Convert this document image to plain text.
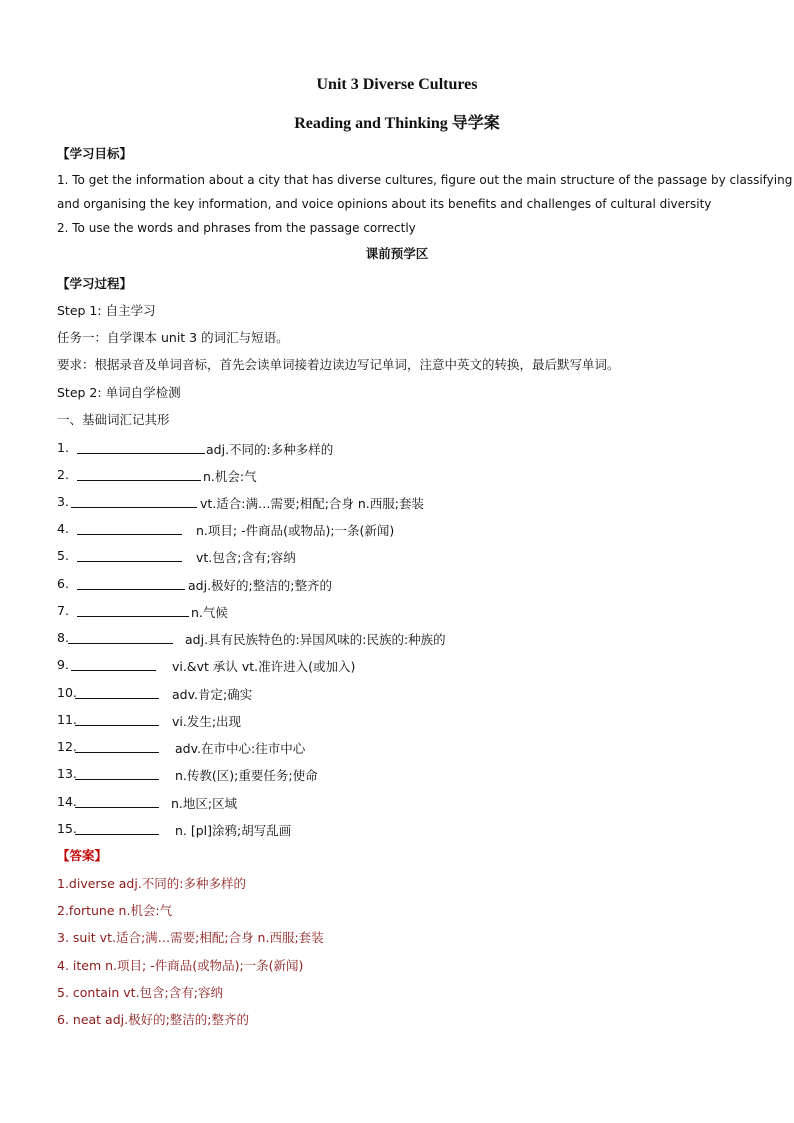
Unit 3 Diverse Cultures
Reading and Thinking 导学案
【学习目标】
1. To get the information about a city that has diverse cultures, figure out the main structure of the passage by classifying
and organising the key information, and voice opinions about its benefits and challenges of cultural diversity
2. To use the words and phrases from the passage correctly
课前预学区
【学习过程】
Step 1: 自主学习
任务一：自学课本 unit 3 的词汇与短语。
要求：根据录音及单词音标，首先会读单词接着边读边写记单词，注意中英文的转换，最后默写单词。
Step 2: 单词自学检测
一、基础词汇记其形
1.	adj.不同的:多种多样的
2.	n.机会:气
3.	vt.适合:满…需要;相配;合身 n.西服;套装
4.	n.项目; -件商品(或物品);一条(新闻)
5.	vt.包含;含有;容纳
6.	adj.极好的;整洁的;整齐的
7.	n.气候
8.	adj.具有民族特色的:异国风味的:民族的:种族的
9.	vi.&vt 承认 vt.准许进入(或加入)
10.	adv.肯定;确实
11.	vi.发生;出现
12.	adv.在市中心:往市中心
13.	n.传教(区);重要任务;使命
14.	n.地区;区域
15.	n. [pl]涂鸦;胡写乱画
【答案】
1.diverse adj.不同的:多种多样的
2.fortune n.机会:气
3. suit vt.适合;满…需要;相配;合身 n.西服;套装
4. item n.项目; -件商品(或物品);一条(新闻)
5. contain vt.包含;含有;容纳
6. neat adj.极好的;整洁的;整齐的
